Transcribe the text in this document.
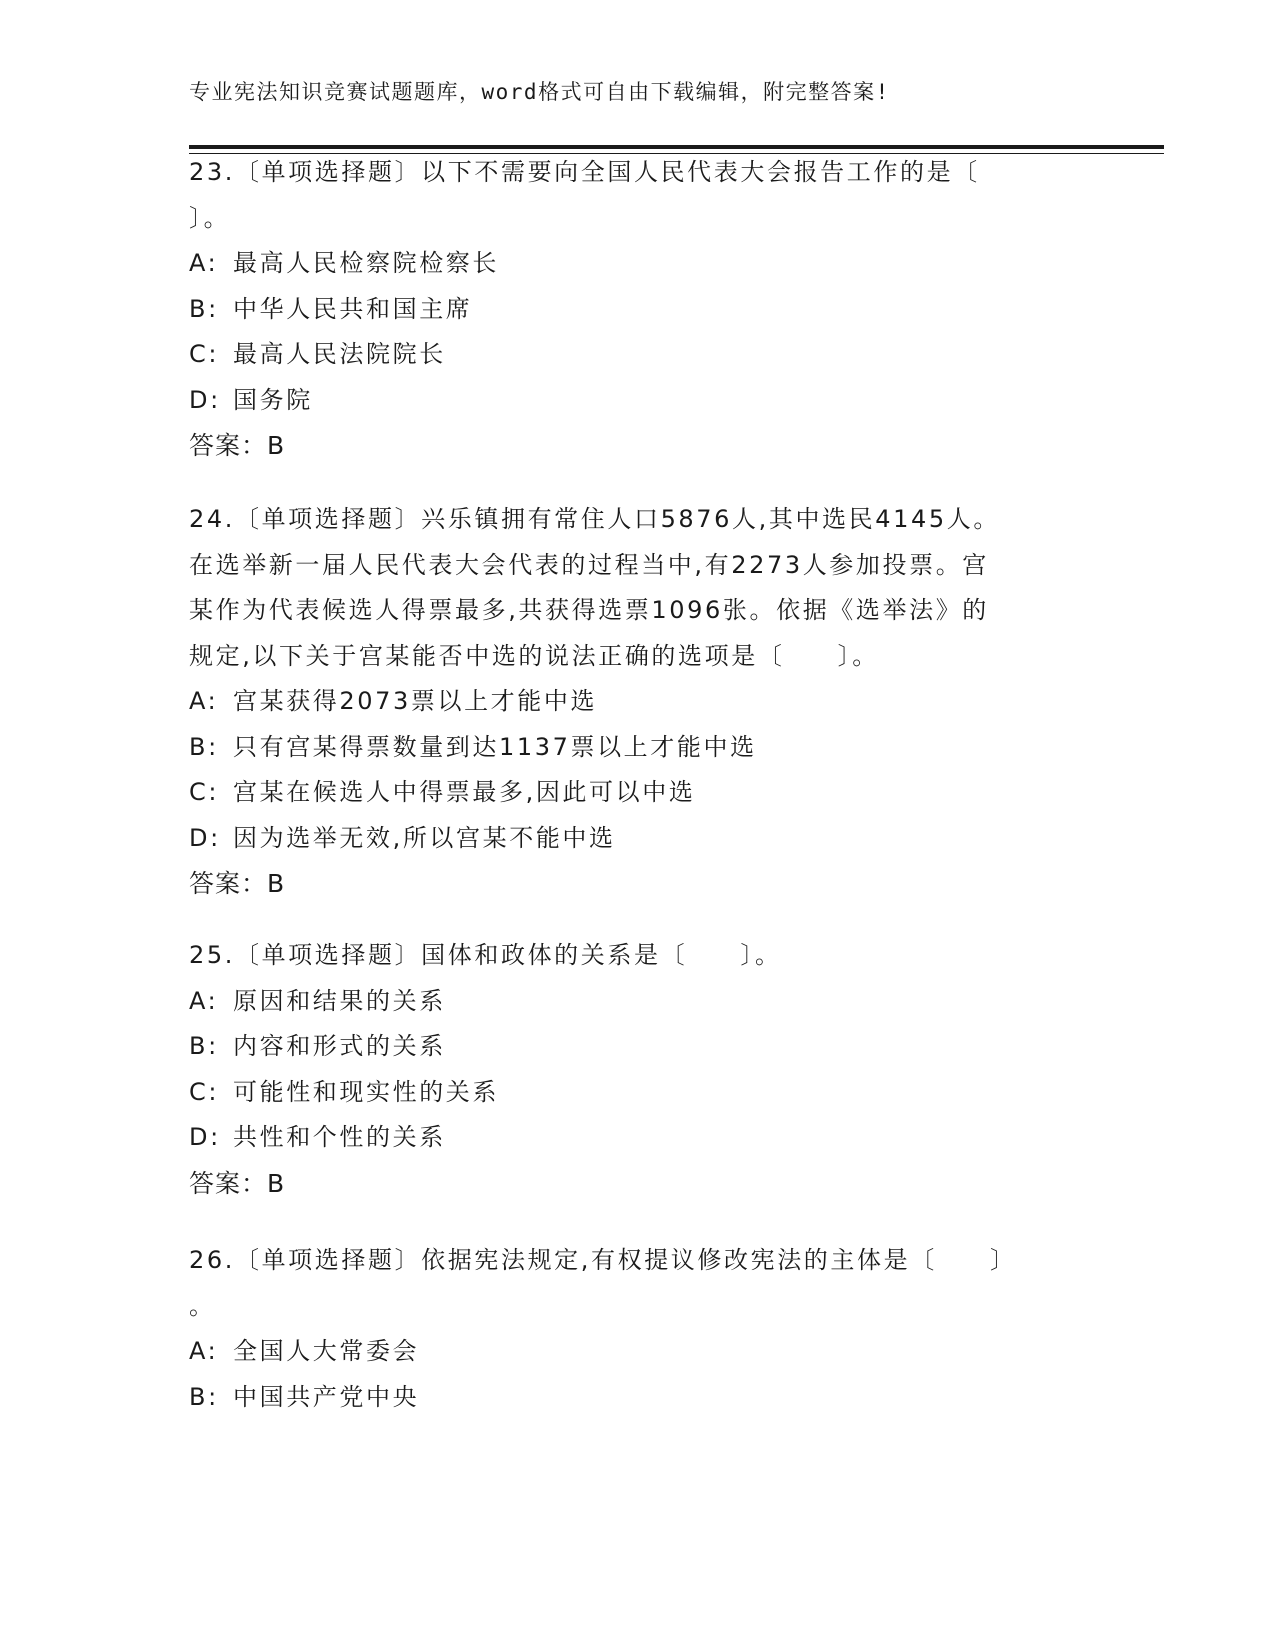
专业宪法知识竞赛试题题库，word格式可自由下载编辑，附完整答案!

23.〔单项选择题〕以下不需要向全国人民代表大会报告工作的是〔
〕。

A: 最高人民检察院检察长
B: 中华人民共和国主席
C: 最高人民法院院长
D: 国务院
答案：B

24.〔单项选择题〕兴乐镇拥有常住人口5876人,其中选民4145人。
在选举新一届人民代表大会代表的过程当中,有2273人参加投票。宫
某作为代表候选人得票最多,共获得选票1096张。依据《选举法》的
规定,以下关于宫某能否中选的说法正确的选项是〔　　〕。

A: 宫某获得2073票以上才能中选
B: 只有宫某得票数量到达1137票以上才能中选
C: 宫某在候选人中得票最多,因此可以中选
D: 因为选举无效,所以宫某不能中选
答案：B

25.〔单项选择题〕国体和政体的关系是〔　　〕。

A: 原因和结果的关系
B: 内容和形式的关系
C: 可能性和现实性的关系
D: 共性和个性的关系
答案：B

26.〔单项选择题〕依据宪法规定,有权提议修改宪法的主体是〔　　〕
。

A: 全国人大常委会
B: 中国共产党中央
